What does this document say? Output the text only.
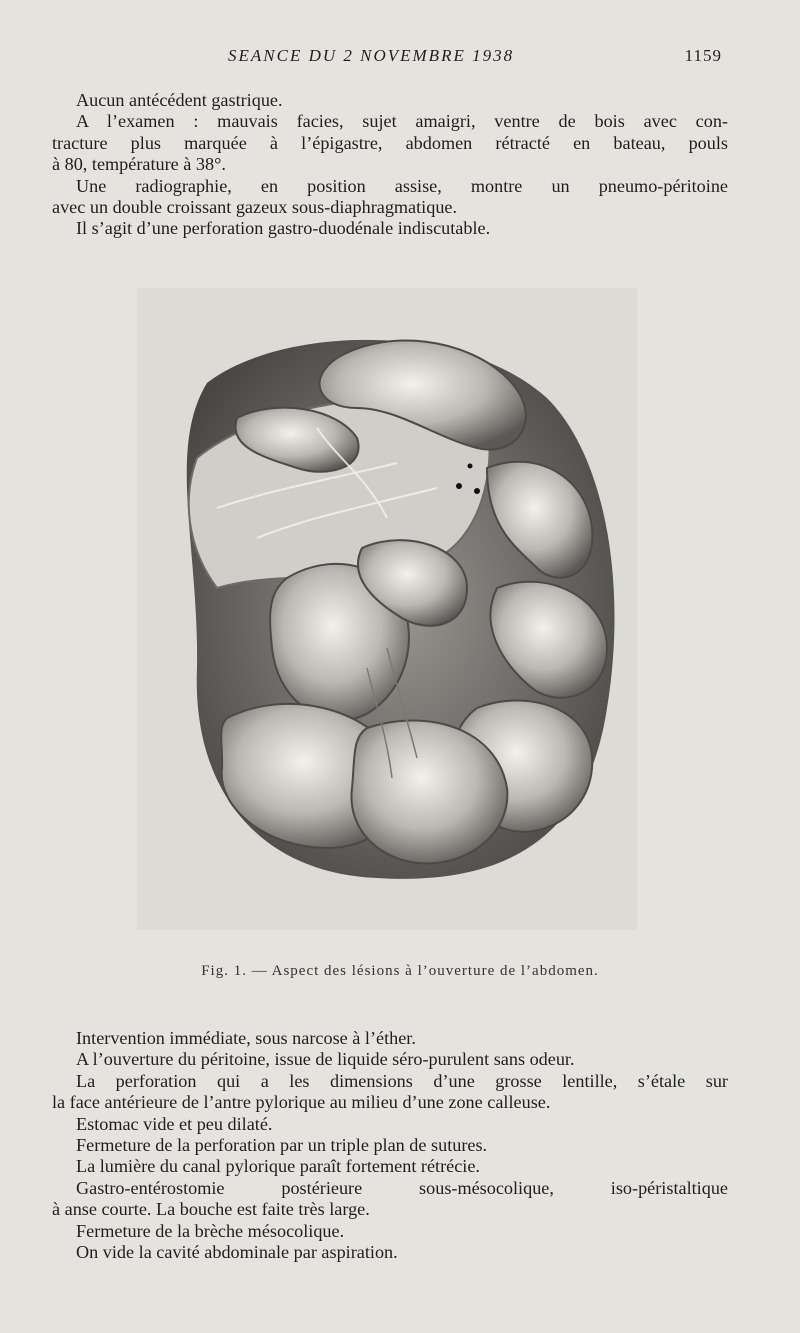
SEANCE DU 2 NOVEMBRE 1938	1159
Aucun antécédent gastrique.
A l’examen : mauvais facies, sujet amaigri, ventre de bois avec con-
tracture plus marquée à l’épigastre, abdomen rétracté en bateau, pouls
à 80, température à 38°.
Une radiographie, en position assise, montre un pneumo-péritoine
avec un double croissant gazeux sous-diaphragmatique.
Il s’agit d’une perforation gastro-duodénale indiscutable.
Fig. 1. — Aspect des lésions à l’ouverture de l’abdomen.
Intervention immédiate, sous narcose à l’éther.
A l’ouverture du péritoine, issue de liquide séro-purulent sans odeur.
La perforation qui a les dimensions d’une grosse lentille, s’étale sur
la face antérieure de l’antre pylorique au milieu d’une zone calleuse.
Estomac vide et peu dilaté.
Fermeture de la perforation par un triple plan de sutures.
La lumière du canal pylorique paraît fortement rétrécie.
Gastro-entérostomie postérieure sous-mésocolique, iso-péristaltique
à anse courte. La bouche est faite très large.
Fermeture de la brèche mésocolique.
On vide la cavité abdominale par aspiration.
